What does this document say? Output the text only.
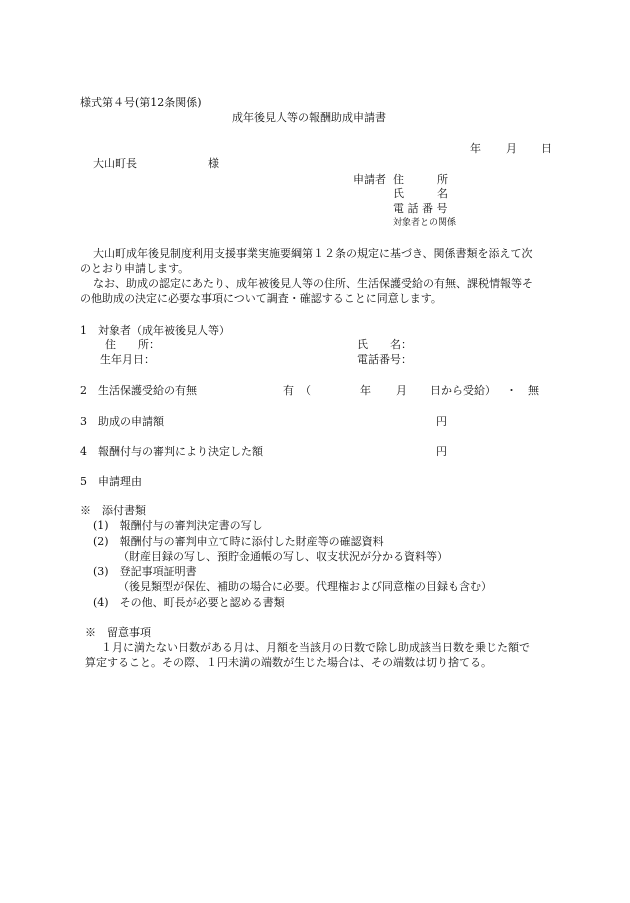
様式第４号(第12条関係)
成年後見人等の報酬助成申請書
年 月 日
大山町長	様
申請者 住　　　所
氏　　　名
電 話 番 号
対象者との関係
大山町成年後見制度利用支援事業実施要綱第１２条の規定に基づき、関係書類を添えて次
のとおり申請します。
なお、助成の認定にあたり、成年被後見人等の住所、生活保護受給の有無、課税情報等そ
の他助成の決定に必要な事項について調査・確認することに同意します。
1　対象者（成年被後見人等）
住　　所：	氏　　名：
生年月日：	電話番号：
2　生活保護受給の有無	有 （	年 月 日から受給） ・ 無
3　助成の申請額	円
4　報酬付与の審判により決定した額	円
5　申請理由
※　添付書類
(1)　報酬付与の審判決定書の写し
(2)　報酬付与の審判申立て時に添付した財産等の確認資料
（財産目録の写し、預貯金通帳の写し、収支状況が分かる資料等）
(3)　登記事項証明書
（後見類型が保佐、補助の場合に必要。代理権および同意権の目録も含む）
(4)　その他、町長が必要と認める書類
※　留意事項
１月に満たない日数がある月は、月額を当該月の日数で除し助成該当日数を乗じた額で
算定すること。その際、１円未満の端数が生じた場合は、その端数は切り捨てる。
